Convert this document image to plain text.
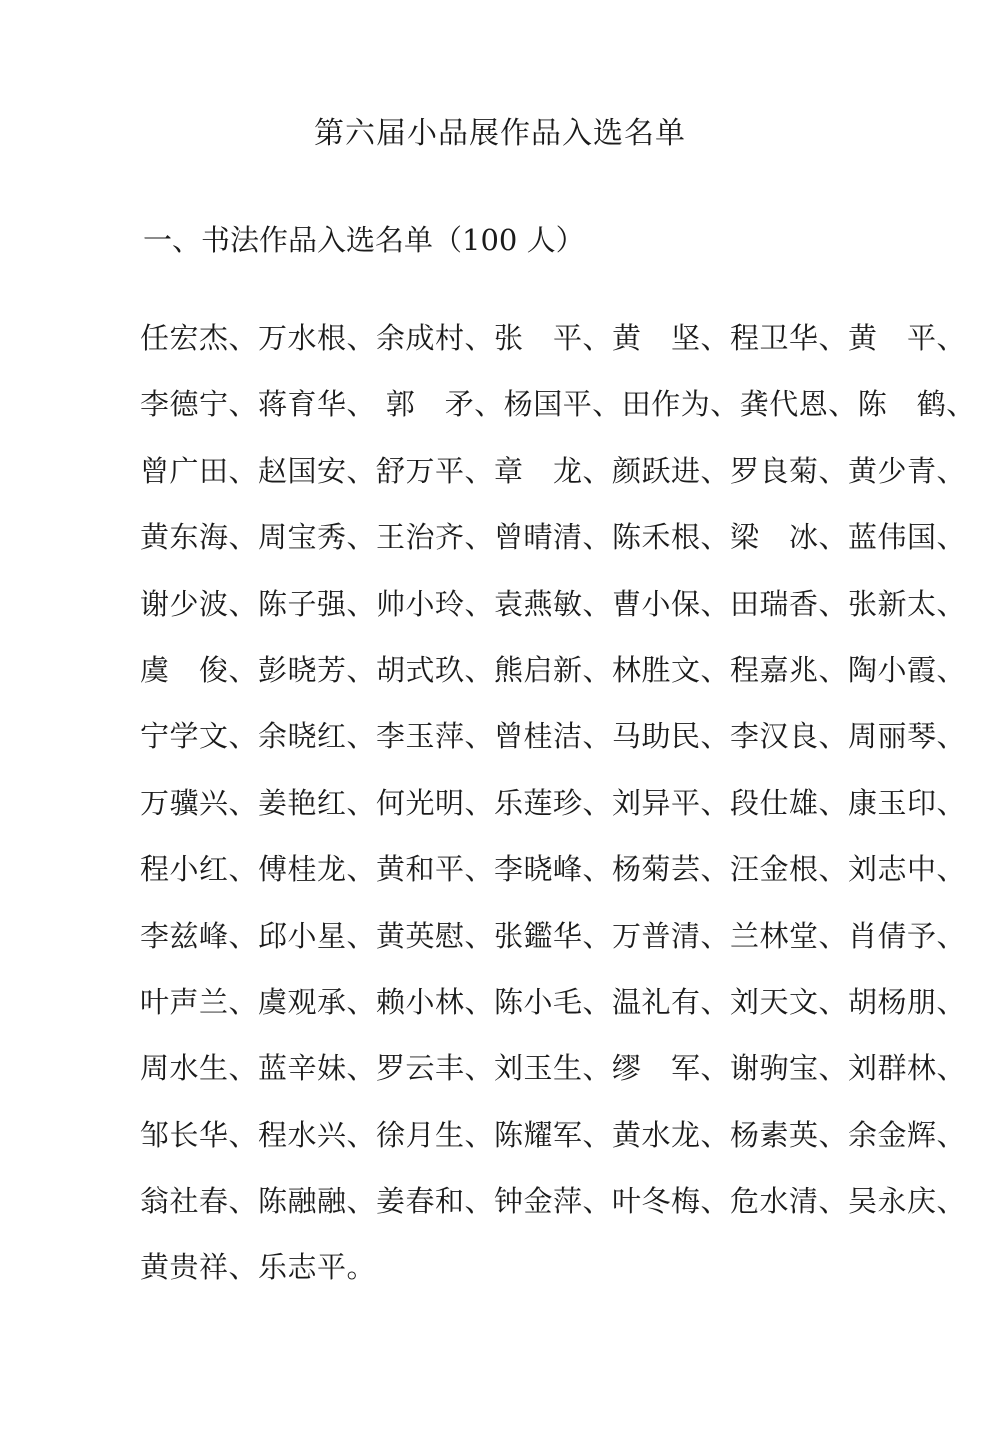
第六届小品展作品入选名单
一、书法作品入选名单（100 人）
任宏杰、万水根、余成村、张　平、黄　坚、程卫华、黄　平、
李德宁、蒋育华、 郭　矛、杨国平、田作为、龚代恩、陈　鹤、
曾广田、赵国安、舒万平、章　龙、颜跃进、罗良菊、黄少青、
黄东海、周宝秀、王治齐、曾晴清、陈禾根、梁　冰、蓝伟国、
谢少波、陈子强、帅小玲、袁燕敏、曹小保、田瑞香、张新太、
虞　俊、彭晓芳、胡式玖、熊启新、林胜文、程嘉兆、陶小霞、
宁学文、余晓红、李玉萍、曾桂洁、马助民、李汉良、周丽琴、
万骥兴、姜艳红、何光明、乐莲珍、刘异平、段仕雄、康玉印、
程小红、傅桂龙、黄和平、李晓峰、杨菊芸、汪金根、刘志中、
李兹峰、邱小星、黄英慰、张鑑华、万普清、兰林堂、肖倩予、
叶声兰、虞观承、赖小林、陈小毛、温礼有、刘天文、胡杨朋、
周水生、蓝辛妹、罗云丰、刘玉生、缪　军、谢驹宝、刘群林、
邹长华、程水兴、徐月生、陈耀军、黄水龙、杨素英、余金辉、
翁社春、陈融融、姜春和、钟金萍、叶冬梅、危水清、吴永庆、
黄贵祥、乐志平。
